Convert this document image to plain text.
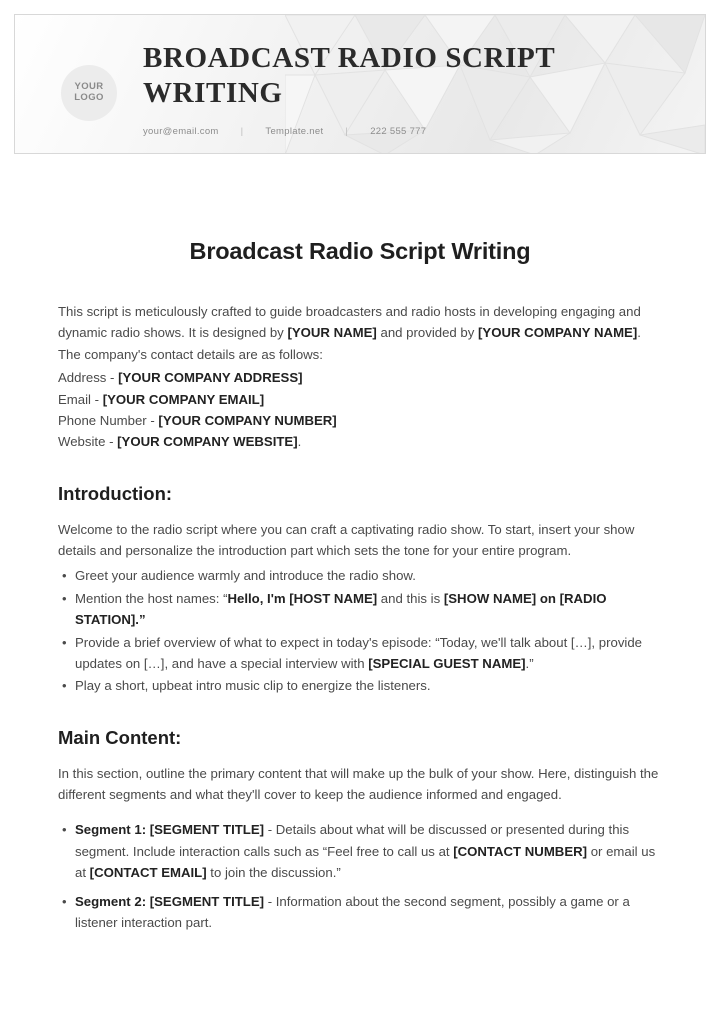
YOUR
LOGO
BROADCAST RADIO SCRIPT WRITING
your@email.com | Template.net | 222 555 777
Broadcast Radio Script Writing

This script is meticulously crafted to guide broadcasters and radio hosts in developing engaging and dynamic radio shows. It is designed by [YOUR NAME] and provided by [YOUR COMPANY NAME]. The company's contact details are as follows:

Address - [YOUR COMPANY ADDRESS]

Email - [YOUR COMPANY EMAIL]

Phone Number - [YOUR COMPANY NUMBER]

Website - [YOUR COMPANY WEBSITE].

Introduction:

Welcome to the radio script where you can craft a captivating radio show. To start, insert your show details and personalize the introduction part which sets the tone for your entire program.

• Greet your audience warmly and introduce the radio show.
• Mention the host names: “Hello, I'm [HOST NAME] and this is [SHOW NAME] on [RADIO STATION].”
• Provide a brief overview of what to expect in today's episode: “Today, we'll talk about […], provide updates on […], and have a special interview with [SPECIAL GUEST NAME].”
• Play a short, upbeat intro music clip to energize the listeners.
Main Content:

In this section, outline the primary content that will make up the bulk of your show. Here, distinguish the different segments and what they'll cover to keep the audience informed and engaged.

• Segment 1: [SEGMENT TITLE] - Details about what will be discussed or presented during this segment. Include interaction calls such as “Feel free to call us at [CONTACT NUMBER] or email us at [CONTACT EMAIL] to join the discussion.”
• Segment 2: [SEGMENT TITLE] - Information about the second segment, possibly a game or a listener interaction part.
